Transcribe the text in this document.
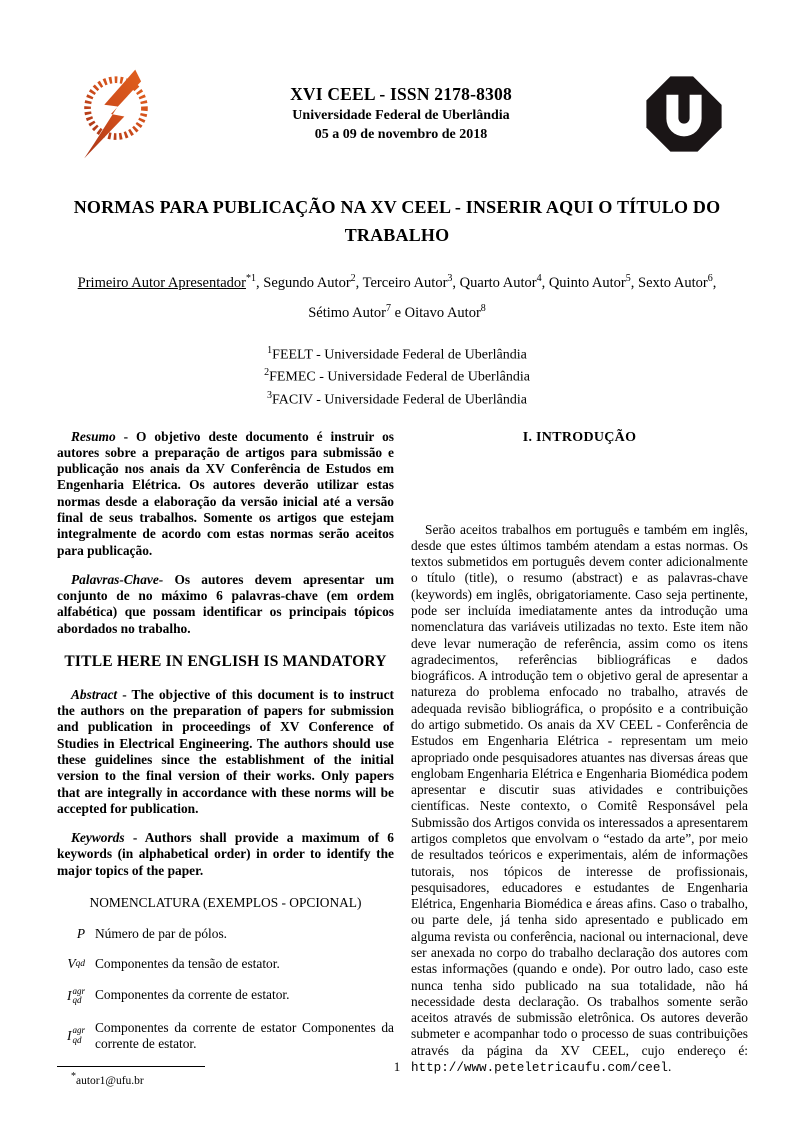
XVI CEEL - ISSN 2178-8308
Universidade Federal de Uberlândia
05 a 09 de novembro de 2018
NORMAS PARA PUBLICAÇÃO NA XV CEEL - INSERIR AQUI O TÍTULO DO TRABALHO
Primeiro Autor Apresentador$^{*1}$, Segundo Autor$^2$, Terceiro Autor$^3$, Quarto Autor$^4$, Quinto Autor$^5$, Sexto Autor$^6$, Sétimo Autor$^7$ e Oitavo Autor$^8$
$^1$FEELT - Universidade Federal de Uberlândia
$^2$FEMEC - Universidade Federal de Uberlândia
$^3$FACIV - Universidade Federal de Uberlândia

Resumo - O objetivo deste documento é instruir os autores sobre a preparação de artigos para submissão e publicação nos anais da XV Conferência de Estudos em Engenharia Elétrica. Os autores deverão utilizar estas normas desde a elaboração da versão inicial até a versão final de seus trabalhos. Somente os artigos que estejam integralmente de acordo com estas normas serão aceitos para publicação.

Palavras-Chave- Os autores devem apresentar um conjunto de no máximo 6 palavras-chave (em ordem alfabética) que possam identificar os principais tópicos abordados no trabalho.

TITLE HERE IN ENGLISH IS MANDATORY

Abstract - The objective of this document is to instruct the authors on the preparation of papers for submission and publication in proceedings of XV Conference of Studies in Electrical Engineering. The authors should use these guidelines since the establishment of the initial version to the final version of their works. Only papers that are integrally in accordance with these norms will be accepted for publication.

Keywords - Authors shall provide a maximum of 6 keywords (in alphabetical order) in order to identify the major topics of the paper.

NOMENCLATURA (EXEMPLOS - OPCIONAL)

P Número de par de pólos.
V qd Componentes da tensão de estator.
I agr
qd Componentes da corrente de estator.
I agr
qd
Componentes da corrente de estator Componentes da corrente de estator.
*autor1@ufu.br
I. INTRODUÇÃO

Serão aceitos trabalhos em português e também em inglês, desde que estes últimos também atendam a estas normas. Os textos submetidos em português devem conter adicionalmente o título (title), o resumo (abstract) e as palavras-chave (keywords) em inglês, obrigatoriamente. Caso seja pertinente, pode ser incluída imediatamente antes da introdução uma nomenclatura das variáveis utilizadas no texto. Este item não deve levar numeração de referência, assim como os itens agradecimentos, referências bibliográficas e dados biográficos. A introdução tem o objetivo geral de apresentar a natureza do problema enfocado no trabalho, através de adequada revisão bibliográfica, o propósito e a contribuição do artigo submetido. Os anais da XV CEEL - Conferência de Estudos em Engenharia Elétrica - representam um meio apropriado onde pesquisadores atuantes nas diversas áreas que englobam Engenharia Elétrica e Engenharia Biomédica podem apresentar e discutir suas atividades e contribuições científicas. Neste contexto, o Comitê Responsável pela Submissão dos Artigos convida os interessados a apresentarem artigos completos que envolvam o “estado da arte”, por meio de resultados teóricos e experimentais, além de informações tutorais, nos tópicos de interesse de profissionais, pesquisadores, educadores e estudantes de Engenharia Elétrica, Engenharia Biomédica e áreas afins. Caso o trabalho, ou parte dele, já tenha sido apresentado e publicado em alguma revista ou conferência, nacional ou internacional, deve ser anexada no corpo do trabalho declaração dos autores com estas informações (quando e onde). Por outro lado, caso este nunca tenha sido publicado na sua totalidade, não há necessidade desta declaração. Os trabalhos somente serão aceitos através de submissão eletrônica. Os autores deverão submeter e acompanhar todo o processo de suas contribuições através da página da XV CEEL, cujo endereço é: http://www.peteletricaufu.com/ceel.

1
